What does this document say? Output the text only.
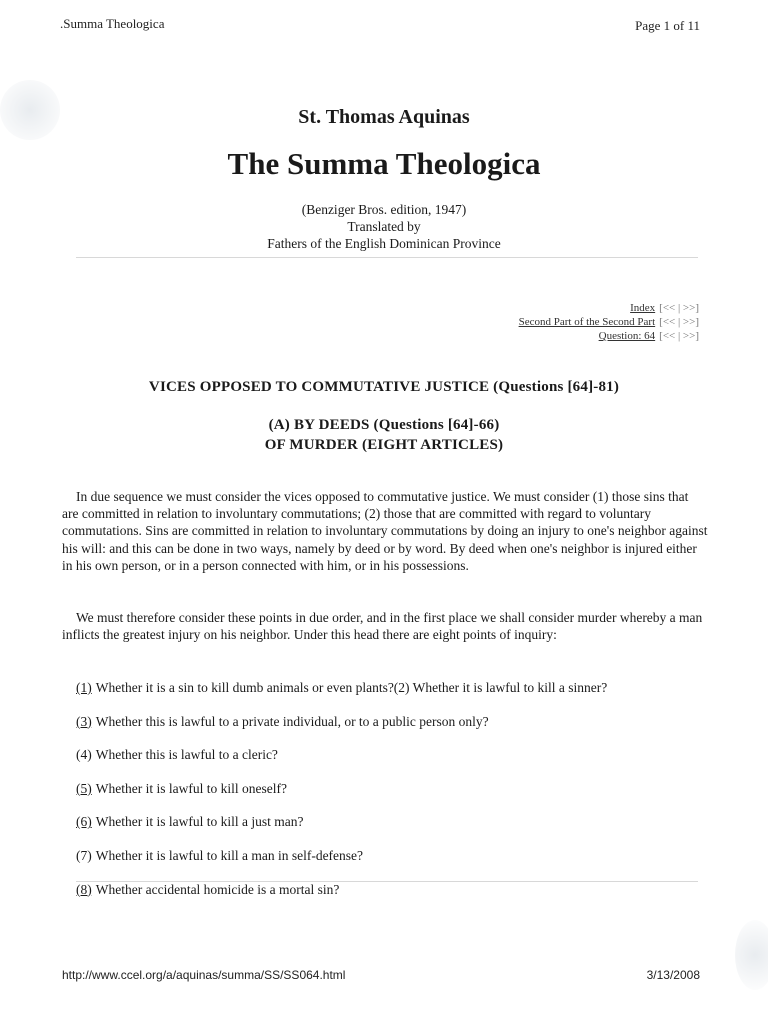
.Summa Theologica	Page 1 of 11
St. Thomas Aquinas
The Summa Theologica
(Benziger Bros. edition, 1947)
Translated by
Fathers of the English Dominican Province
Index [<< | >>]
Second Part of the Second Part [<< | >>]
Question: 64 [<< | >>]
VICES OPPOSED TO COMMUTATIVE JUSTICE (Questions [64]-81)
(A) BY DEEDS (Questions [64]-66)
OF MURDER (EIGHT ARTICLES)

In due sequence we must consider the vices opposed to commutative justice. We must consider (1) those sins that are committed in relation to involuntary commutations; (2) those that are committed with regard to voluntary commutations. Sins are committed in relation to involuntary commutations by doing an injury to one's neighbor against his will: and this can be done in two ways, namely by deed or by word. By deed when one's neighbor is injured either in his own person, or in a person connected with him, or in his possessions.

We must therefore consider these points in due order, and in the first place we shall consider murder whereby a man inflicts the greatest injury on his neighbor. Under this head there are eight points of inquiry:

(1) Whether it is a sin to kill dumb animals or even plants?(2) Whether it is lawful to kill a sinner?
(3) Whether this is lawful to a private individual, or to a public person only?
(4) Whether this is lawful to a cleric?
(5) Whether it is lawful to kill oneself?
(6) Whether it is lawful to kill a just man?
(7) Whether it is lawful to kill a man in self-defense?
(8) Whether accidental homicide is a mortal sin?
http://www.ccel.org/a/aquinas/summa/SS/SS064.html	3/13/2008
